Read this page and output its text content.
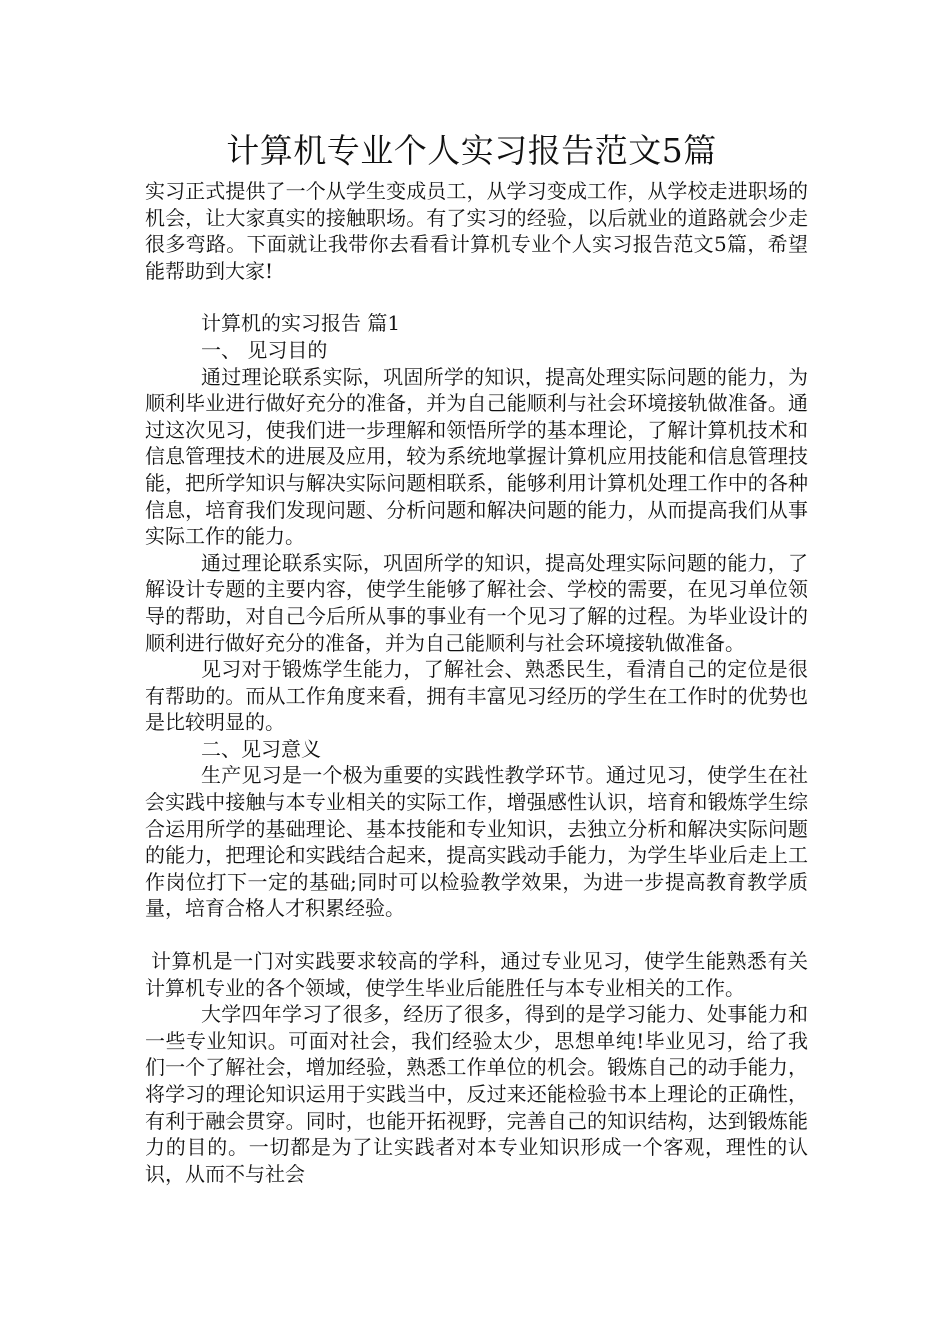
计算机专业个人实习报告范文5篇

实习正式提供了一个从学生变成员工，从学习变成工作，从学校走进职场的机会，让大家真实的接触职场。有了实习的经验，以后就业的道路就会少走很多弯路。下面就让我带你去看看计算机专业个人实习报告范文5篇，希望能帮助到大家!

计算机的实习报告 篇1

一、 见习目的

通过理论联系实际，巩固所学的知识，提高处理实际问题的能力，为顺利毕业进行做好充分的准备，并为自己能顺利与社会环境接轨做准备。通过这次见习，使我们进一步理解和领悟所学的基本理论，了解计算机技术和信息管理技术的进展及应用，较为系统地掌握计算机应用技能和信息管理技能，把所学知识与解决实际问题相联系，能够利用计算机处理工作中的各种信息，培育我们发现问题、分析问题和解决问题的能力，从而提高我们从事实际工作的能力。

通过理论联系实际，巩固所学的知识，提高处理实际问题的能力，了解设计专题的主要内容，使学生能够了解社会、学校的需要，在见习单位领导的帮助，对自己今后所从事的事业有一个见习了解的过程。为毕业设计的顺利进行做好充分的准备，并为自己能顺利与社会环境接轨做准备。

见习对于锻炼学生能力，了解社会、熟悉民生，看清自己的定位是很有帮助的。而从工作角度来看，拥有丰富见习经历的学生在工作时的优势也是比较明显的。

二、见习意义

生产见习是一个极为重要的实践性教学环节。通过见习，使学生在社会实践中接触与本专业相关的实际工作，增强感性认识，培育和锻炼学生综合运用所学的基础理论、基本技能和专业知识，去独立分析和解决实际问题的能力，把理论和实践结合起来，提高实践动手能力，为学生毕业后走上工作岗位打下一定的基础;同时可以检验教学效果，为进一步提高教育教学质量，培育合格人才积累经验。

计算机是一门对实践要求较高的学科，通过专业见习，使学生能熟悉有关计算机专业的各个领域，使学生毕业后能胜任与本专业相关的工作。

大学四年学习了很多，经历了很多，得到的是学习能力、处事能力和一些专业知识。可面对社会，我们经验太少，思想单纯!毕业见习，给了我们一个了解社会，增加经验，熟悉工作单位的机会。锻炼自己的动手能力，将学习的理论知识运用于实践当中，反过来还能检验书本上理论的正确性，有利于融会贯穿。同时，也能开拓视野，完善自己的知识结构，达到锻炼能力的目的。一切都是为了让实践者对本专业知识形成一个客观，理性的认识，从而不与社会
